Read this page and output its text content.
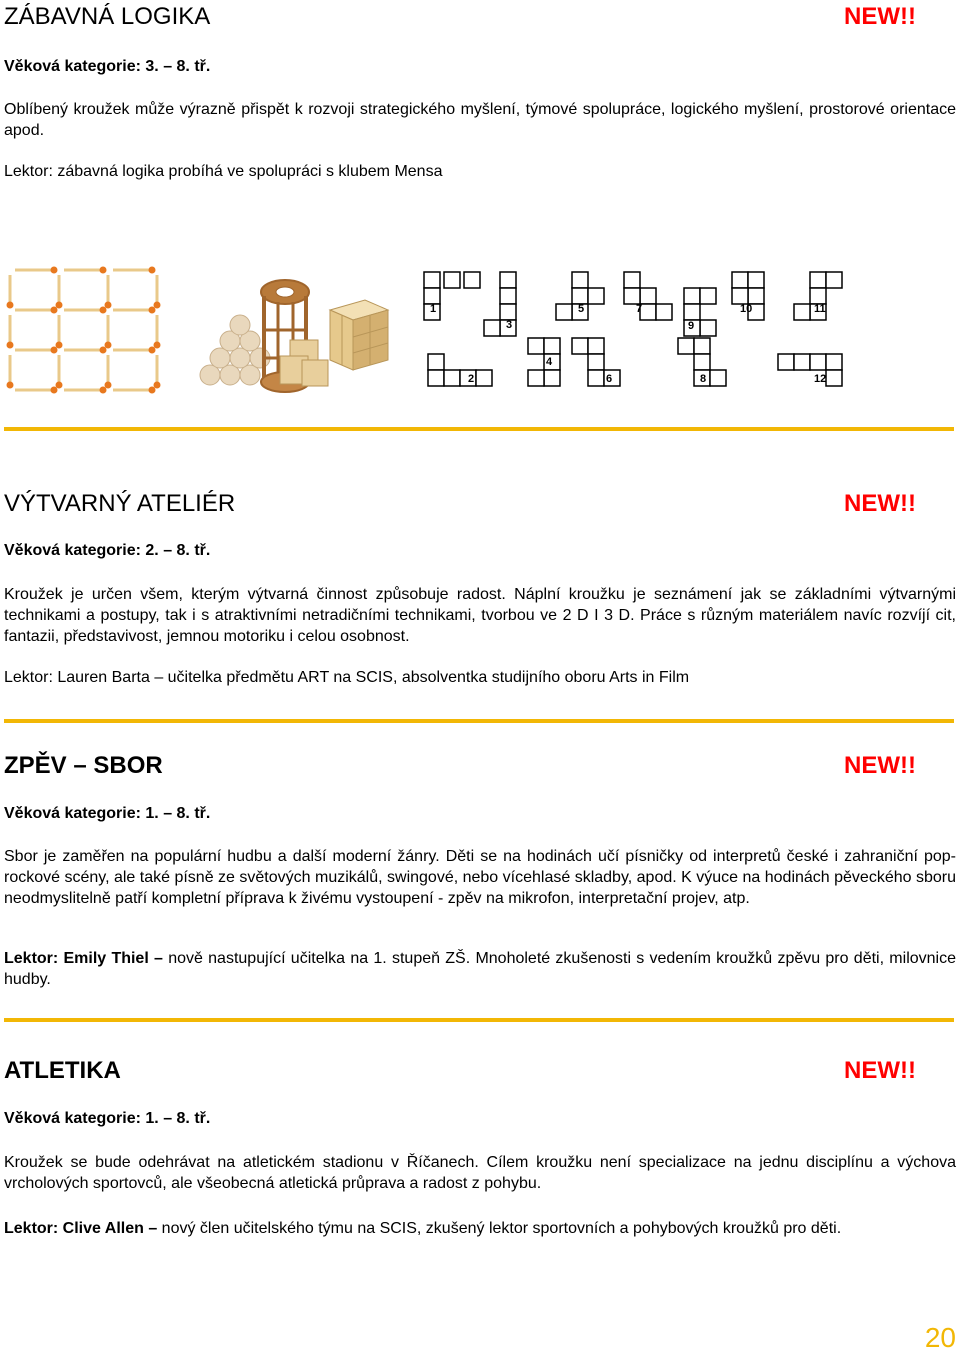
ZÁBAVNÁ LOGIKA	NEW!!
Věková kategorie: 3. – 8. tř.

Oblíbený kroužek může výrazně přispět k rozvoji strategického myšlení, týmové spolupráce, logického myšlení, prostorové orientace apod.

Lektor: zábavná logika probíhá ve spolupráci s klubem Mensa

1
2
3
4
5
6
7
8
9
10	11
12
VÝTVARNÝ ATELIÉR	NEW!!
Věková kategorie: 2. – 8. tř.

Kroužek je určen všem, kterým výtvarná činnost způsobuje radost. Náplní kroužku je seznámení jak se základními výtvarnými technikami a postupy, tak i s atraktivními netradičními technikami, tvorbou ve 2 D I 3 D. Práce s různým materiálem navíc rozvíjí cit, fantazii, představivost, jemnou motoriku i celou osobnost.

Lektor: Lauren Barta – učitelka předmětu ART na SCIS, absolventka studijního oboru Arts in Film

ZPĚV – SBOR	NEW!!
Věková kategorie: 1. – 8. tř.

Sbor je zaměřen na populární hudbu a další moderní žánry. Děti se na hodinách učí písničky od interpretů české i zahraniční pop-rockové scény, ale také písně ze světových muzikálů, swingové, nebo vícehlasé skladby, apod. K výuce na hodinách pěveckého sboru neodmyslitelně patří kompletní příprava k živému vystoupení - zpěv na mikrofon, interpretační projev, atp.

Lektor: Emily Thiel – nově nastupující učitelka na 1. stupeň ZŠ. Mnoholeté zkušenosti s vedením kroužků zpěvu pro děti, milovnice hudby.

ATLETIKA	NEW!!
Věková kategorie: 1. – 8. tř.

Kroužek se bude odehrávat na atletickém stadionu v Říčanech. Cílem kroužku není specializace na jednu disciplínu a výchova vrcholových sportovců, ale všeobecná atletická průprava a radost z pohybu.

Lektor: Clive Allen – nový člen učitelského týmu na SCIS, zkušený lektor sportovních a pohybových kroužků pro děti.

20
